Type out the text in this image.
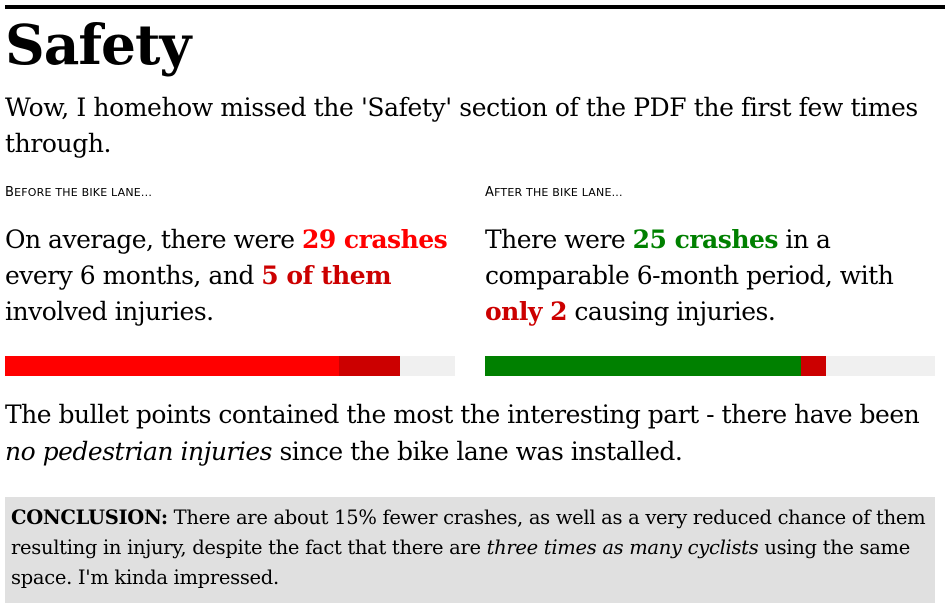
Safety

Wow, I homehow missed the 'Safety' section of the PDF the first few times through.

BEFORE THE BIKE LANE...

On average, there were 29 crashes every 6 months, and 5 of them involved injuries.

AFTER THE BIKE LANE...

There were 25 crashes in a comparable 6-month period, with only 2 causing injuries.

The bullet points contained the most the interesting part - there have been no pedestrian injuries since the bike lane was installed.

CONCLUSION: There are about 15% fewer crashes, as well as a very reduced chance of them resulting in injury, despite the fact that there are three times as many cyclists using the same space. I'm kinda impressed.
